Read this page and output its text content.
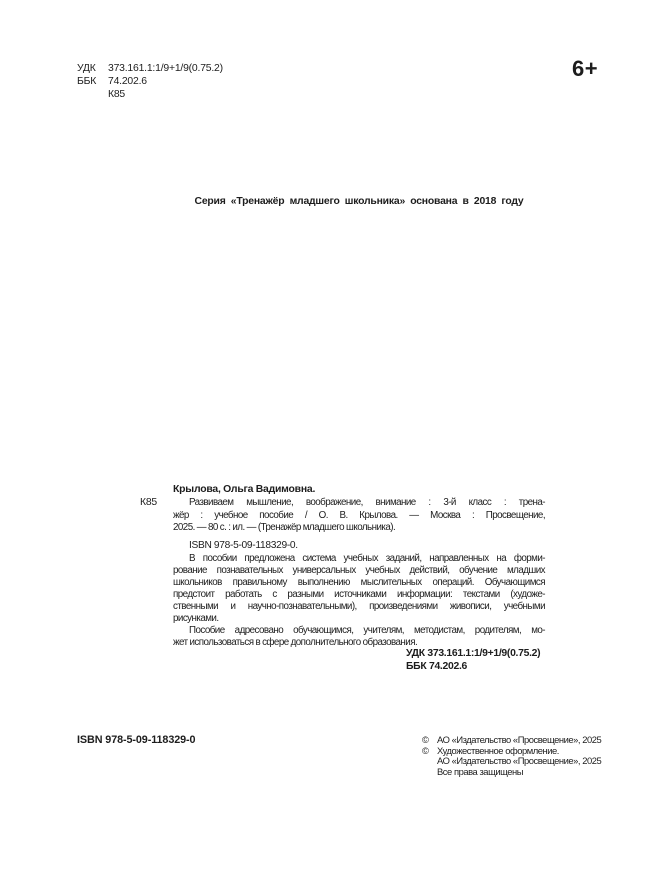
УДК	373.161.1:1/9+1/9(0.75.2)
ББК	74.202.6
К85
6+
Серия «Тренажёр младшего школьника» основана в 2018 году
Крылова, Ольга Вадимовна.
К85	Развиваем мышление, воображение, внимание : 3-й класс : трена-
жёр : учебное пособие / О. В. Крылова. — Москва : Просвещение,
2025. — 80 с. : ил. — (Тренажёр младшего школьника).
ISBN 978-5-09-118329-0.
В пособии предложена система учебных заданий, направленных на форми-
рование познавательных универсальных учебных действий, обучение младших
школьников правильному выполнению мыслительных операций. Обучающимся
предстоит работать с разными источниками информации: текстами (художе-
ственными и научно-познавательными), произведениями живописи, учебными
рисунками.
Пособие адресовано обучающимся, учителям, методистам, родителям, мо-
жет использоваться в сфере дополнительного образования.
УДК 373.161.1:1/9+1/9(0.75.2)
ББК 74.202.6
ISBN 978-5-09-118329-0	© АО «Издательство «Просвещение», 2025
© Художественное оформление.
АО «Издательство «Просвещение», 2025
Все права защищены
